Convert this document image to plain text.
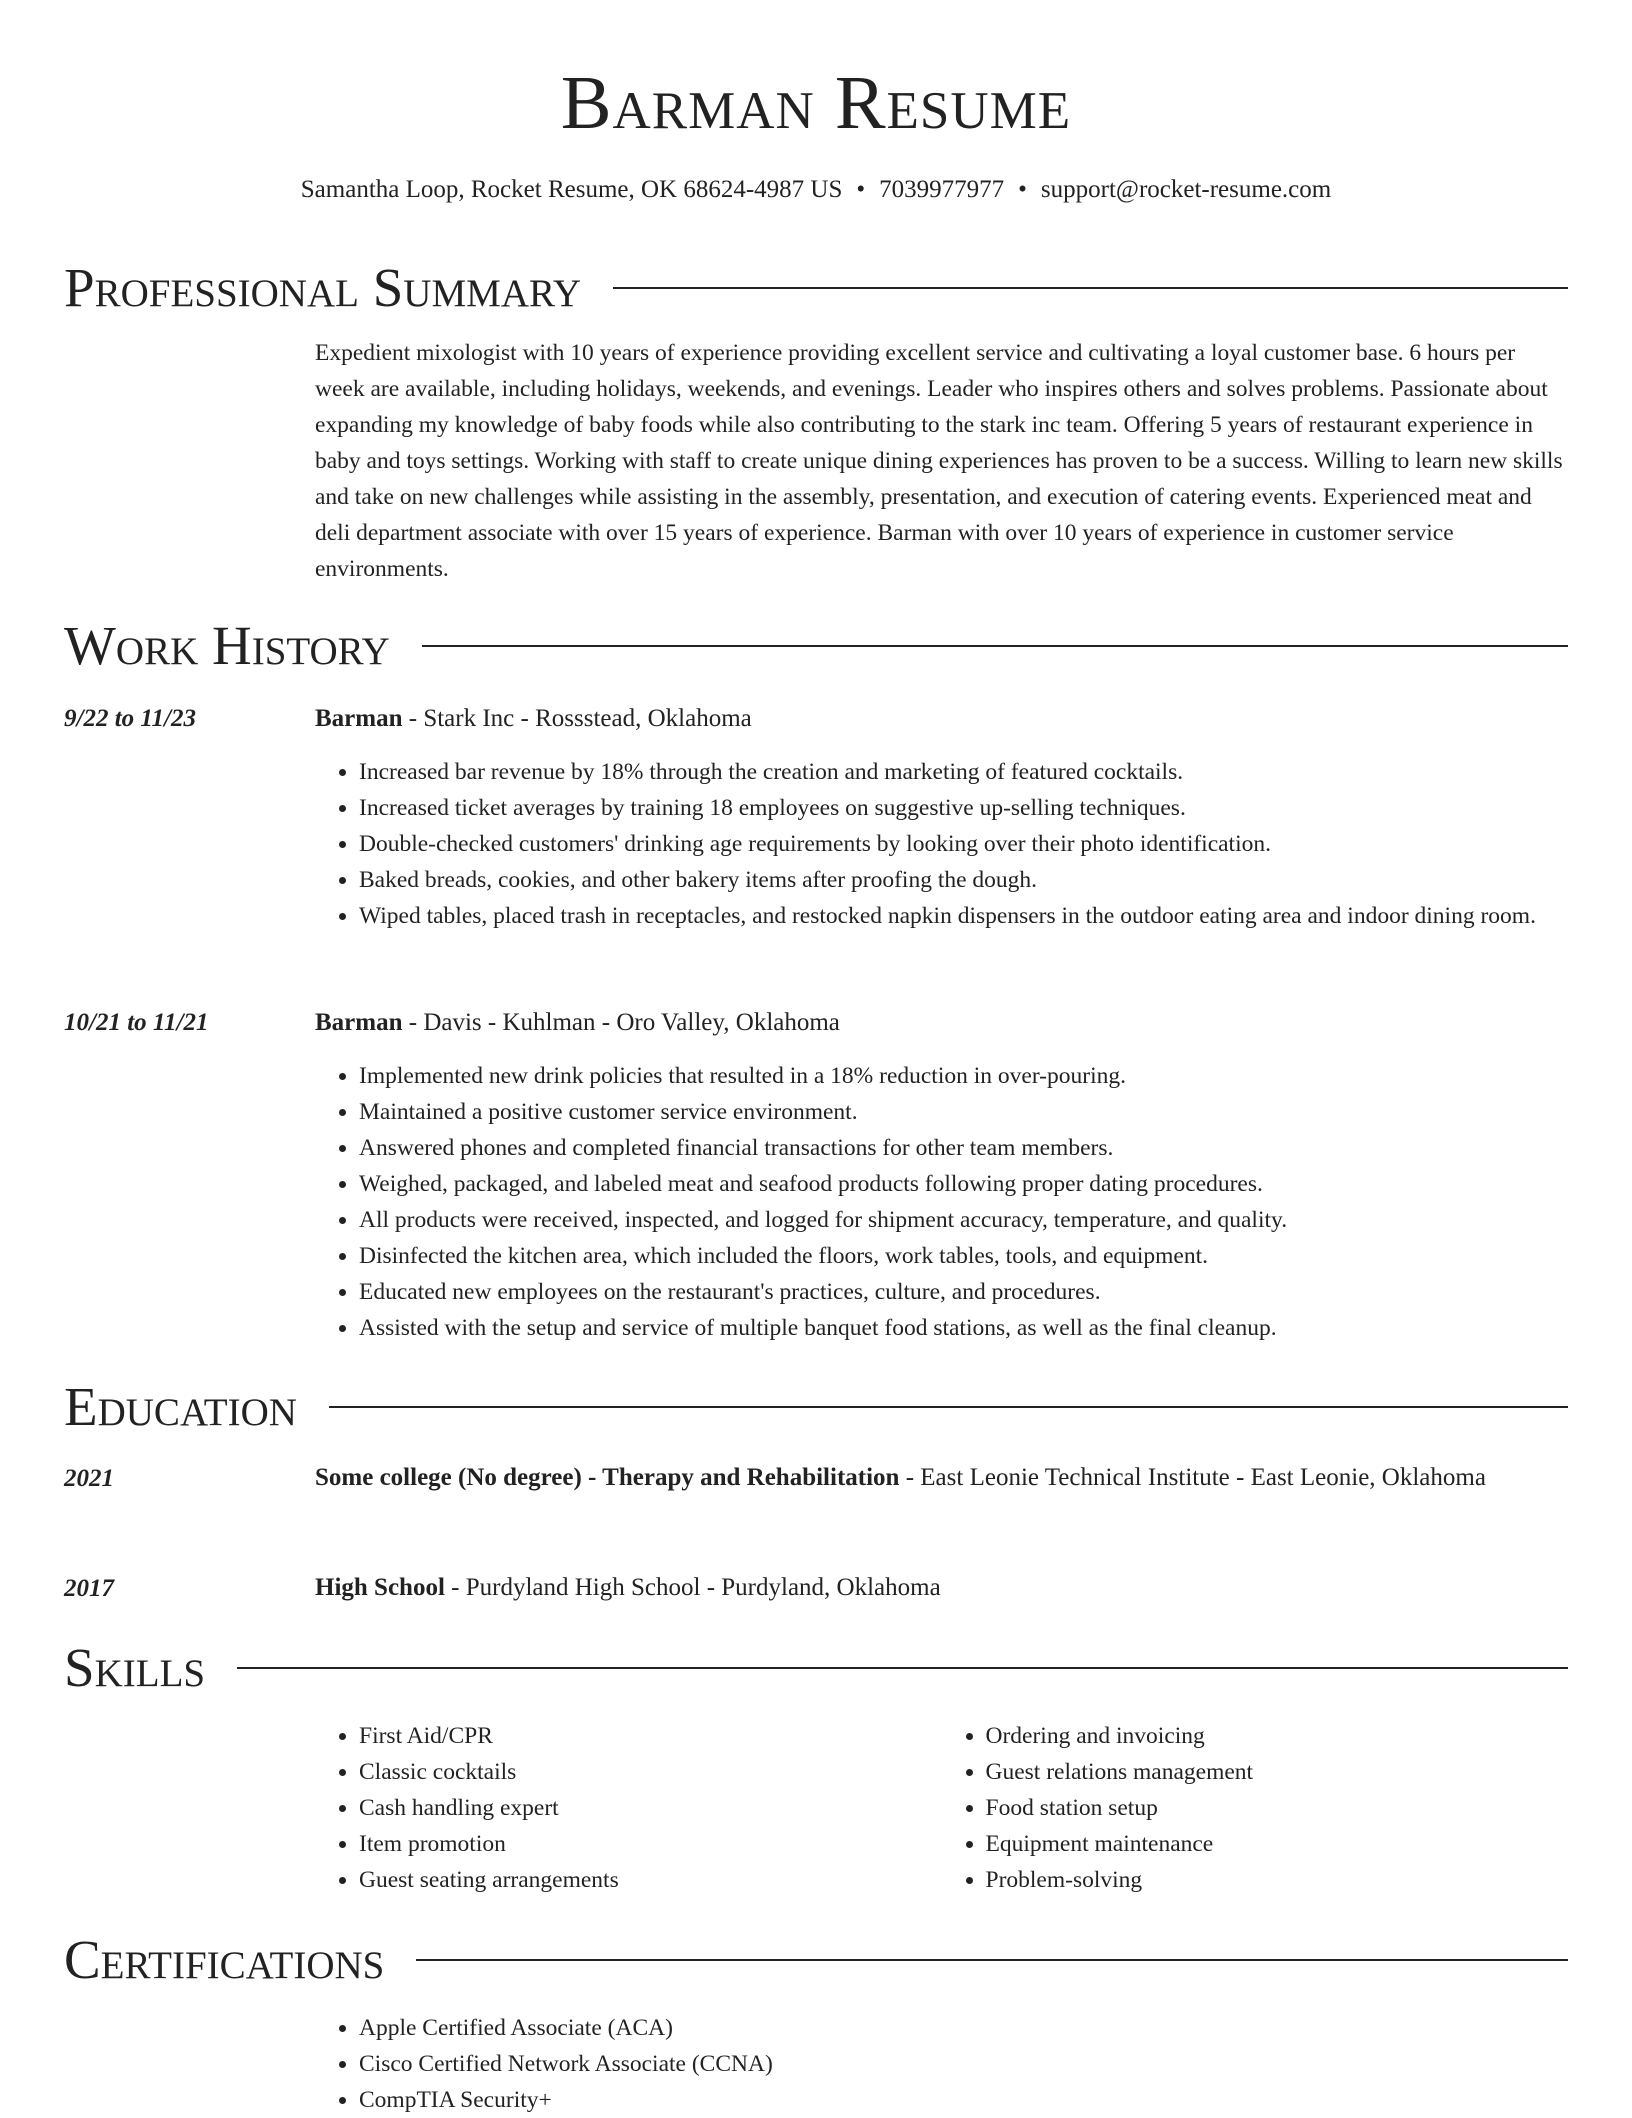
Barman Resume
Samantha Loop, Rocket Resume, OK 68624-4987 US • 7039977977 • support@rocket-resume.com
Professional Summary
Expedient mixologist with 10 years of experience providing excellent service and cultivating a loyal customer base. 6 hours per week are available, including holidays, weekends, and evenings. Leader who inspires others and solves problems. Passionate about expanding my knowledge of baby foods while also contributing to the stark inc team. Offering 5 years of restaurant experience in baby and toys settings. Working with staff to create unique dining experiences has proven to be a success. Willing to learn new skills and take on new challenges while assisting in the assembly, presentation, and execution of catering events. Experienced meat and deli department associate with over 15 years of experience. Barman with over 10 years of experience in customer service environments.
Work History
9/22 to 11/23	Barman - Stark Inc - Rossstead, Oklahoma
• Increased bar revenue by 18% through the creation and marketing of featured cocktails.
• Increased ticket averages by training 18 employees on suggestive up-selling techniques.
• Double-checked customers' drinking age requirements by looking over their photo identification.
• Baked breads, cookies, and other bakery items after proofing the dough.
• Wiped tables, placed trash in receptacles, and restocked napkin dispensers in the outdoor eating area and indoor dining room.
10/21 to 11/21	Barman - Davis - Kuhlman - Oro Valley, Oklahoma
• Implemented new drink policies that resulted in a 18% reduction in over-pouring.
• Maintained a positive customer service environment.
• Answered phones and completed financial transactions for other team members.
• Weighed, packaged, and labeled meat and seafood products following proper dating procedures.
• All products were received, inspected, and logged for shipment accuracy, temperature, and quality.
• Disinfected the kitchen area, which included the floors, work tables, tools, and equipment.
• Educated new employees on the restaurant's practices, culture, and procedures.
• Assisted with the setup and service of multiple banquet food stations, as well as the final cleanup.
Education
2021	Some college (No degree) - Therapy and Rehabilitation - East Leonie Technical Institute - East Leonie, Oklahoma
2017	High School - Purdyland High School - Purdyland, Oklahoma
Skills
• First Aid/CPR
• Classic cocktails
• Cash handling expert
• Item promotion
• Guest seating arrangements
• Ordering and invoicing
• Guest relations management
• Food station setup
• Equipment maintenance
• Problem-solving
Certifications
• Apple Certified Associate (ACA)
• Cisco Certified Network Associate (CCNA)
• CompTIA Security+
